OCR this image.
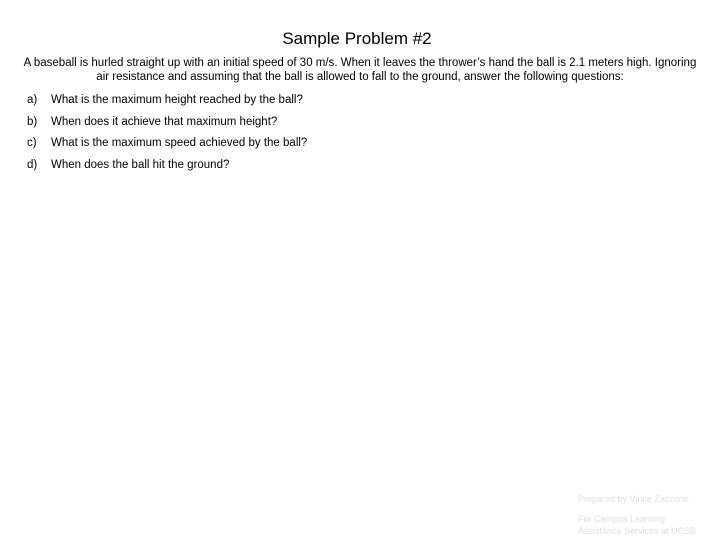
Sample Problem #2
A baseball is hurled straight up with an initial speed of 30 m/s. When it leaves the thrower’s hand the ball is 2.1 meters high. Ignoring air resistance and assuming that the ball is allowed to fall to the ground, answer the following questions:
a)	What is the maximum height reached by the ball?
b)	When does it achieve that maximum height?
c)	What is the maximum speed achieved by the ball?
d)	When does the ball hit the ground?
Prepared by Vince Zaccone
For Campus Learning
Assistance Services at UCSB
